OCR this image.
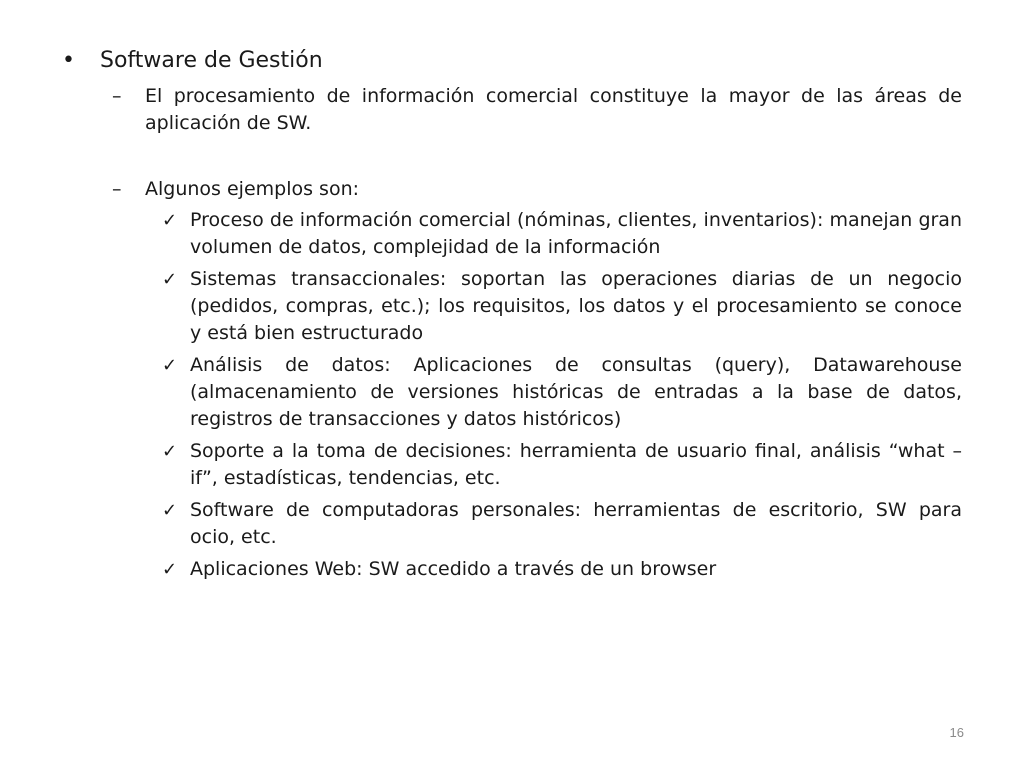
•	Software de Gestión
–	El procesamiento de información comercial constituye la mayor de las áreas de aplicación de SW.
–	Algunos ejemplos son:
✓ Proceso de información comercial (nóminas, clientes, inventarios): manejan gran volumen de datos, complejidad de la información
✓ Sistemas transaccionales: soportan las operaciones diarias de un negocio (pedidos, compras, etc.); los requisitos, los datos y el procesamiento se conoce y está bien estructurado
✓ Análisis de datos: Aplicaciones de consultas (query), Datawarehouse (almacenamiento de versiones históricas de entradas a la base de datos, registros de transacciones y datos históricos)
✓ Soporte a la toma de decisiones: herramienta de usuario final, análisis “what – if”, estadísticas, tendencias, etc.
✓ Software de computadoras personales: herramientas de escritorio, SW para ocio, etc.
✓ Aplicaciones Web: SW accedido a través de un browser
16
